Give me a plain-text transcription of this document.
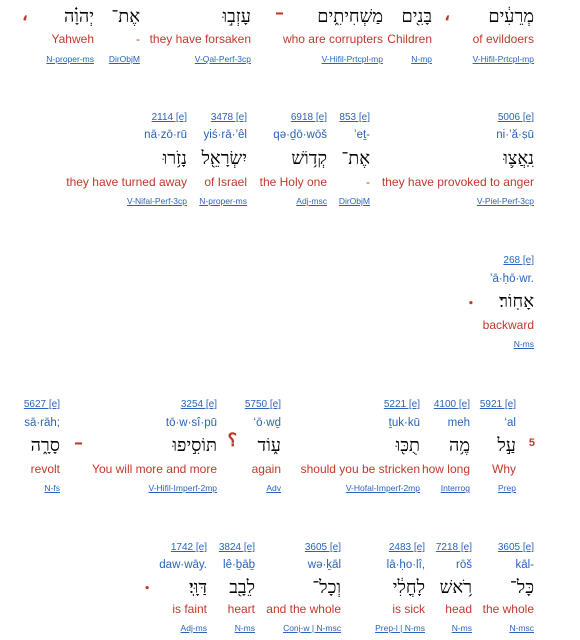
מְרֵעִ֔ים
of evildoers
V-Hifil-Prtcpl-mp
،
בָּנִ֖ים
Children
N-mp
מַשְׁחִיתִ֑ים
who are corrupters
V-Hifil-Prtcpl-mp
–
עָזְב֣וּ
they have forsaken
V-Qal-Perf-3cp
אֶת־
-
DirObjM
יְהוָ֗ה
Yahweh
N-proper-ms
،
5006 [e]
ni·’ă·ṣū
נִֽאֲצ֛וּ
they have provoked to anger
V-Piel-Perf-3cp
853 [e]
’eṯ-
אֶת־
-
DirObjM
6918 [e]
qə·ḏō·wōš
קְד֥וֹשׁ
the Holy one
Adj-msc
3478 [e]
yiś·rā·’êl
יִשְׂרָאֵ֖ל
of Israel
N-proper-ms
2114 [e]
nā·zō·rū
נָזֹ֥רוּ
they have turned away
V-Nifal-Perf-3cp
268 [e]
’ā·ḥō·wr.
אָחֽוֹר׃
backward
N-ms
.
5
5921 [e]
‘al
עַ֣ל
Why
Prep
4100 [e]
meh
מֶ֥ה
how long
Interrog
5221 [e]
ṯuk·kū
תֻכּ֖וּ
should you be stricken
V-Hofal-Imperf-2mp
5750 [e]
‘ō·wḏ
ע֑וֹד
again
Adv
؟
3254 [e]
tō·w·sî·pū
תּוֹסִ֣יפוּ
You will more and more
V-Hifil-Imperf-2mp
–
5627 [e]
sā·rāh;
סָרָ֑ה
revolt
N-fs
3605 [e]
kāl-
כָּל־
the whole
N-msc
7218 [e]
rōš
רֹ֥אשׁ
head
N-ms
2483 [e]
lā·ḥo·lî,
לָחֳלִ֔י
is sick
Prep-l | N-ms
3605 [e]
wə·ḵāl
וְכָל־
and the whole
Conj-w | N-msc
3824 [e]
lê·ḇāḇ
לֵבָ֖ב
heart
N-ms
1742 [e]
daw·wāy.
דַּוָּֽי׃
is faint
Adj-ms
.
